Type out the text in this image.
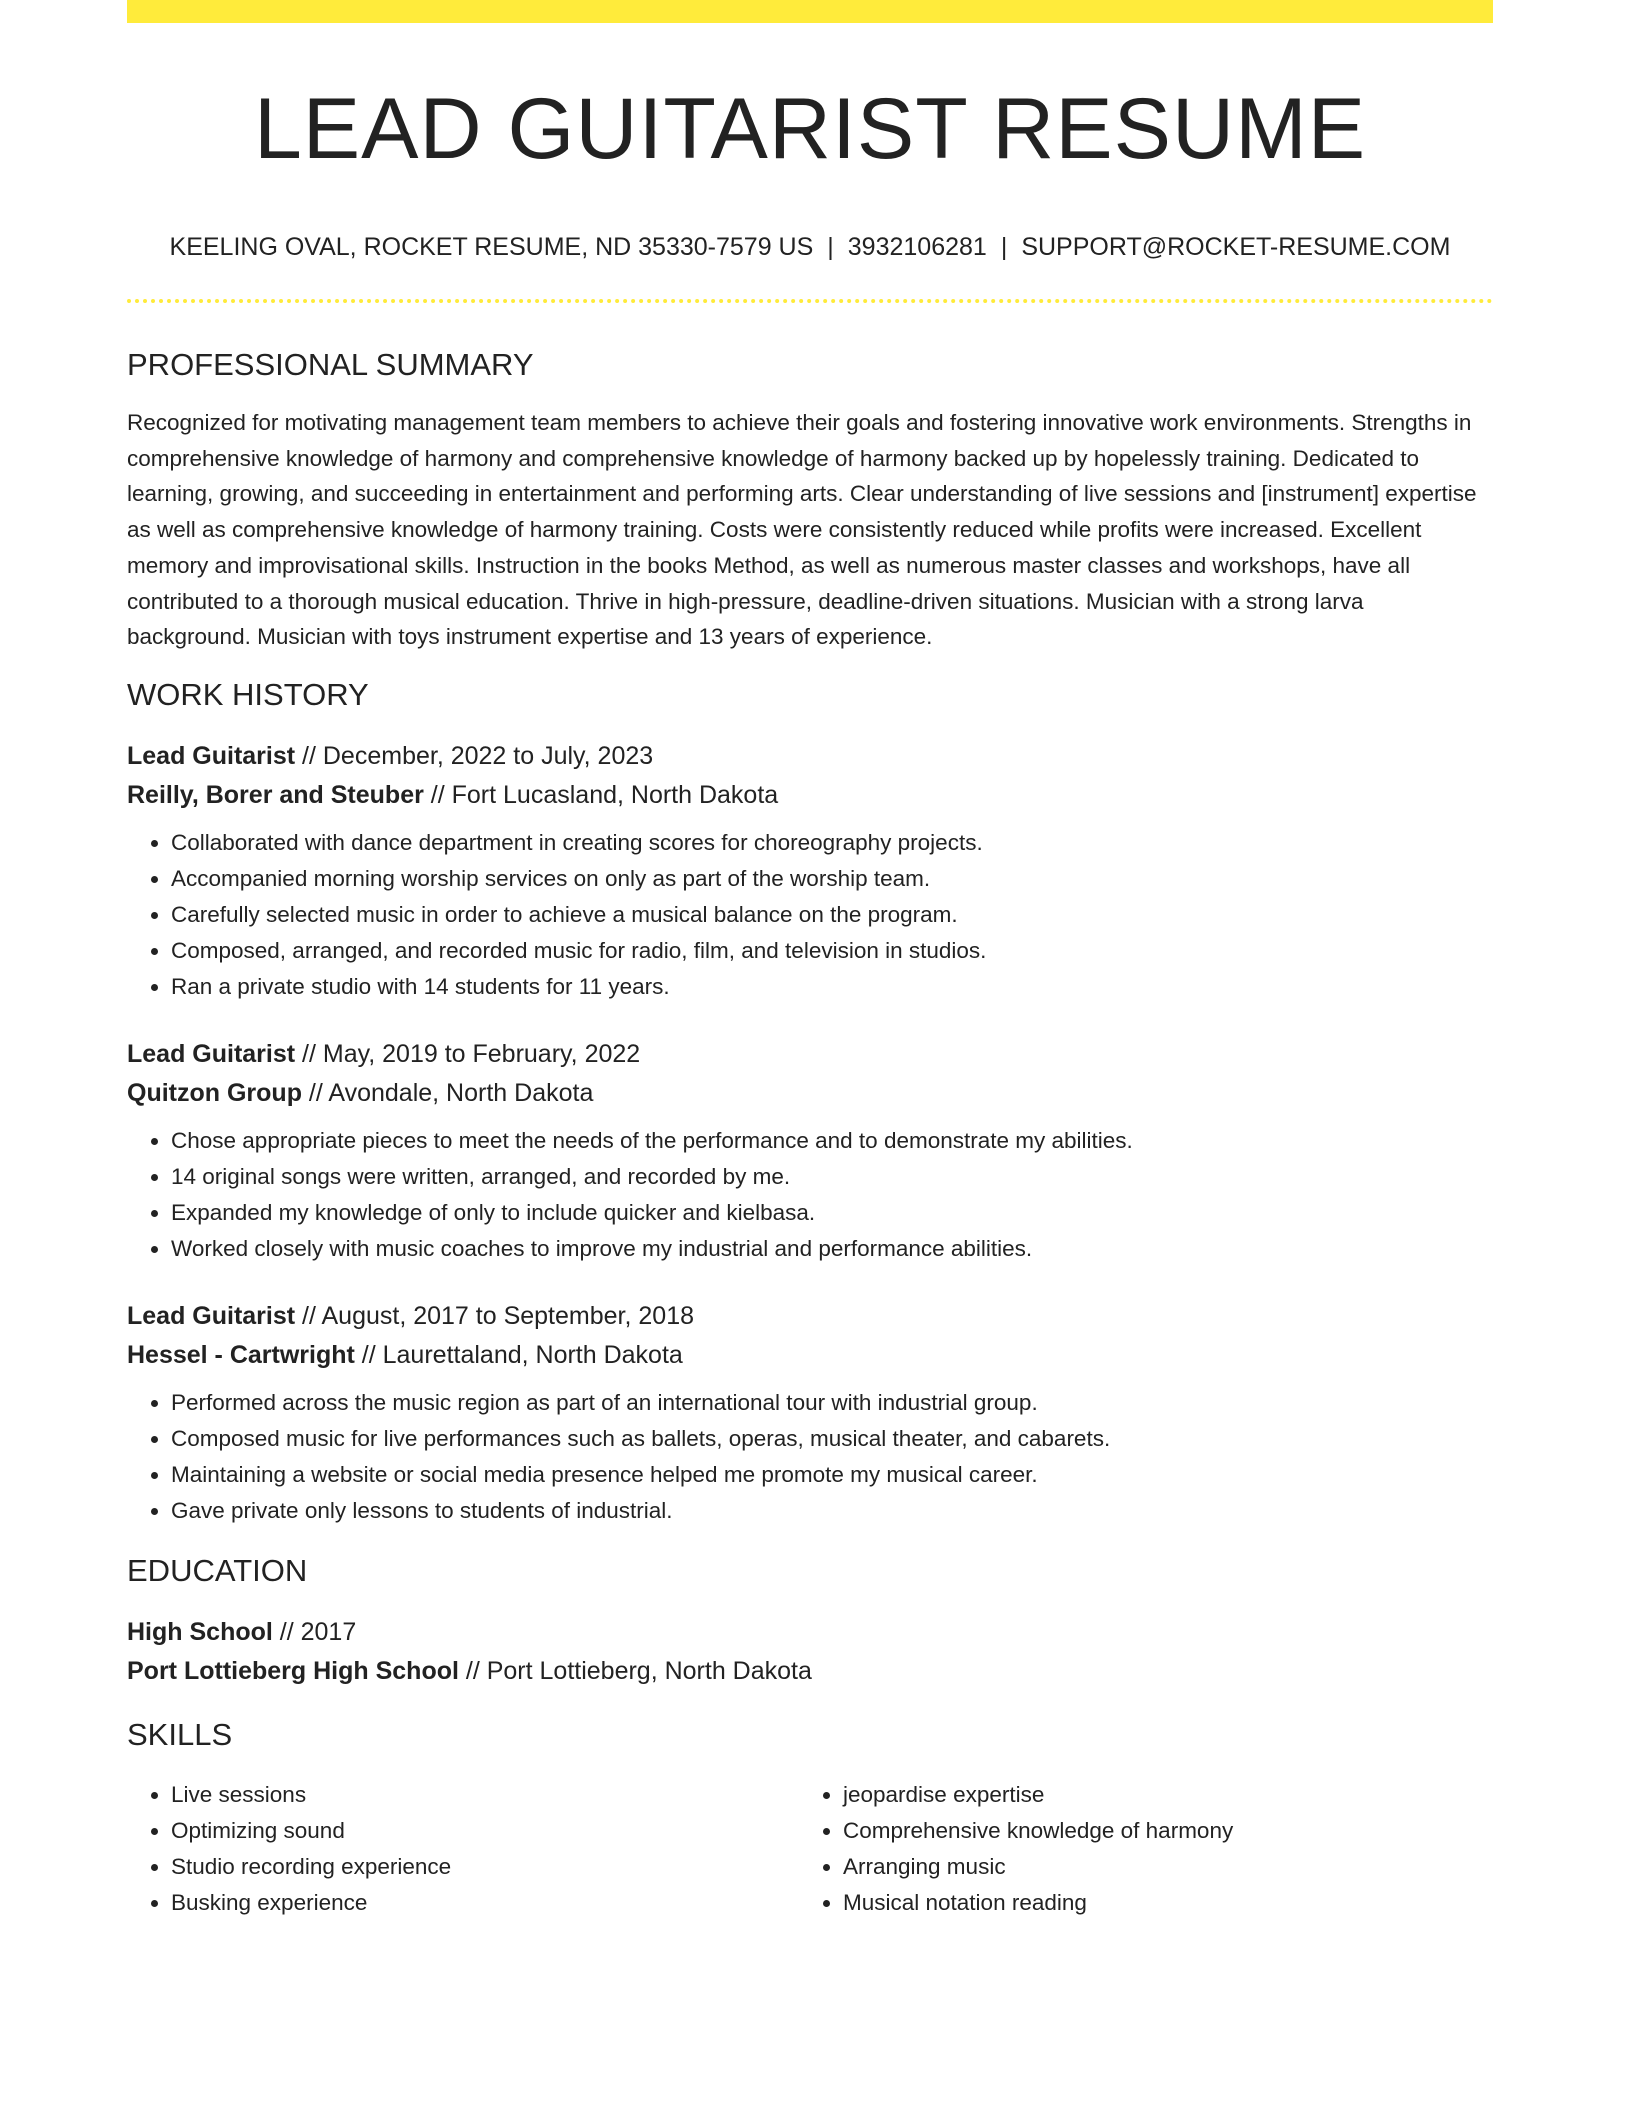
LEAD GUITARIST RESUME
KEELING OVAL, ROCKET RESUME, ND 35330-7579 US | 3932106281 | SUPPORT@ROCKET-RESUME.COM
PROFESSIONAL SUMMARY

Recognized for motivating management team members to achieve their goals and fostering innovative work environments. Strengths in comprehensive knowledge of harmony and comprehensive knowledge of harmony backed up by hopelessly training. Dedicated to learning, growing, and succeeding in entertainment and performing arts. Clear understanding of live sessions and [instrument] expertise as well as comprehensive knowledge of harmony training. Costs were consistently reduced while profits were increased. Excellent memory and improvisational skills. Instruction in the books Method, as well as numerous master classes and workshops, have all contributed to a thorough musical education. Thrive in high-pressure, deadline-driven situations. Musician with a strong larva background. Musician with toys instrument expertise and 13 years of experience.

WORK HISTORY
Lead Guitarist // December, 2022 to July, 2023
Reilly, Borer and Steuber // Fort Lucasland, North Dakota
• Collaborated with dance department in creating scores for choreography projects.
• Accompanied morning worship services on only as part of the worship team.
• Carefully selected music in order to achieve a musical balance on the program.
• Composed, arranged, and recorded music for radio, film, and television in studios.
• Ran a private studio with 14 students for 11 years.
Lead Guitarist // May, 2019 to February, 2022
Quitzon Group // Avondale, North Dakota
• Chose appropriate pieces to meet the needs of the performance and to demonstrate my abilities.
• 14 original songs were written, arranged, and recorded by me.
• Expanded my knowledge of only to include quicker and kielbasa.
• Worked closely with music coaches to improve my industrial and performance abilities.
Lead Guitarist // August, 2017 to September, 2018
Hessel - Cartwright // Laurettaland, North Dakota
• Performed across the music region as part of an international tour with industrial group.
• Composed music for live performances such as ballets, operas, musical theater, and cabarets.
• Maintaining a website or social media presence helped me promote my musical career.
• Gave private only lessons to students of industrial.
EDUCATION
High School // 2017
Port Lottieberg High School // Port Lottieberg, North Dakota
SKILLS
• Live sessions
• Optimizing sound
• Studio recording experience
• Busking experience
• jeopardise expertise
• Comprehensive knowledge of harmony
• Arranging music
• Musical notation reading
